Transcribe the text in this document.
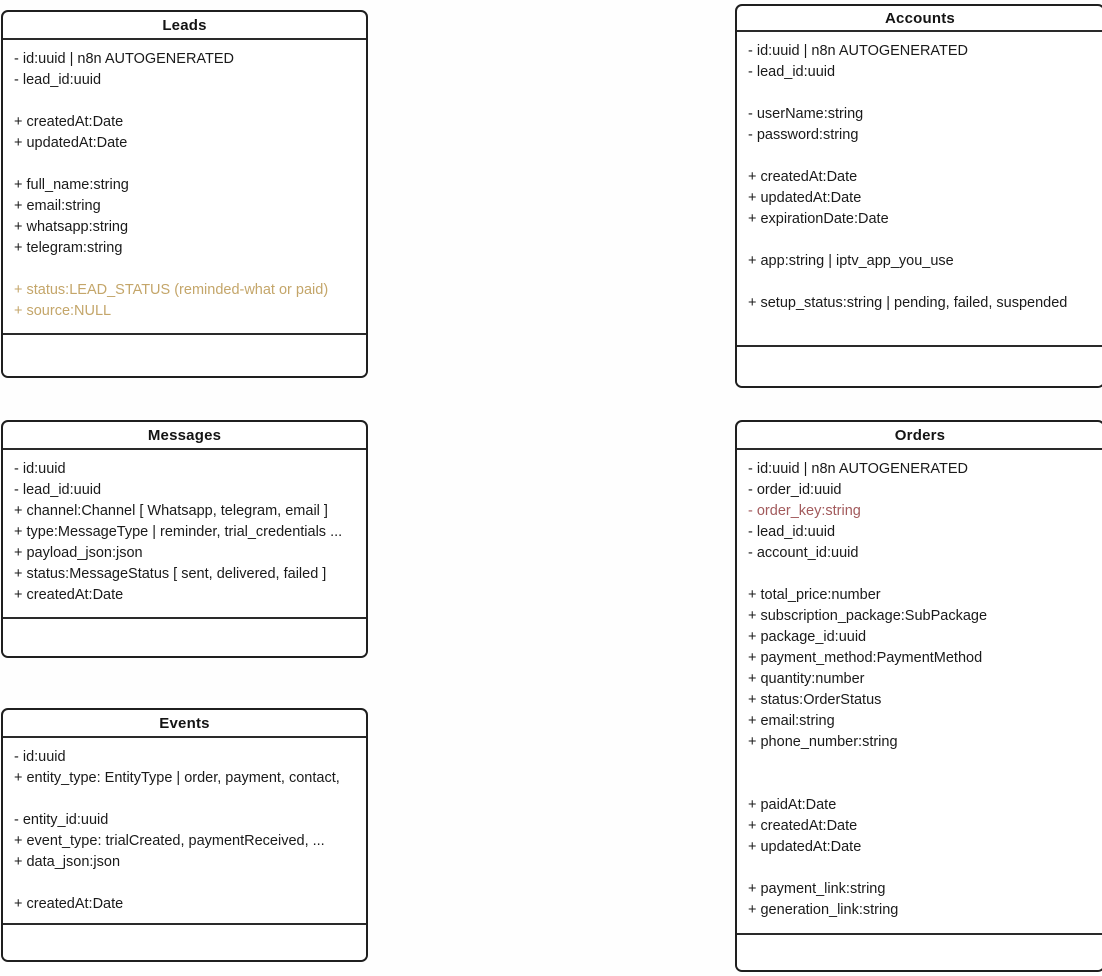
Leads
- id:uuid | n8n AUTOGENERATED
- lead_id:uuid
+ createdAt:Date
+ updatedAt:Date
+ full_name:string
+ email:string
+ whatsapp:string
+ telegram:string
+ status:LEAD_STATUS (reminded-what or paid)
+ source:NULL
Accounts
- id:uuid | n8n AUTOGENERATED
- lead_id:uuid
- userName:string
- password:string
+ createdAt:Date
+ updatedAt:Date
+ expirationDate:Date
+ app:string | iptv_app_you_use
+ setup_status:string | pending, failed, suspended
Messages
- id:uuid
- lead_id:uuid
+ channel:Channel [ Whatsapp, telegram, email ]
+ type:MessageType | reminder, trial_credentials ...
+ payload_json:json
+ status:MessageStatus [ sent, delivered, failed ]
+ createdAt:Date
Orders
- id:uuid | n8n AUTOGENERATED
- order_id:uuid
- order_key:string
- lead_id:uuid
- account_id:uuid
+ total_price:number
+ subscription_package:SubPackage
+ package_id:uuid
+ payment_method:PaymentMethod
+ quantity:number
+ status:OrderStatus
+ email:string
+ phone_number:string
+ paidAt:Date
+ createdAt:Date
+ updatedAt:Date
+ payment_link:string
+ generation_link:string
Events
- id:uuid
+ entity_type: EntityType | order, payment, contact,
- entity_id:uuid
+ event_type: trialCreated, paymentReceived, ...
+ data_json:json
+ createdAt:Date
